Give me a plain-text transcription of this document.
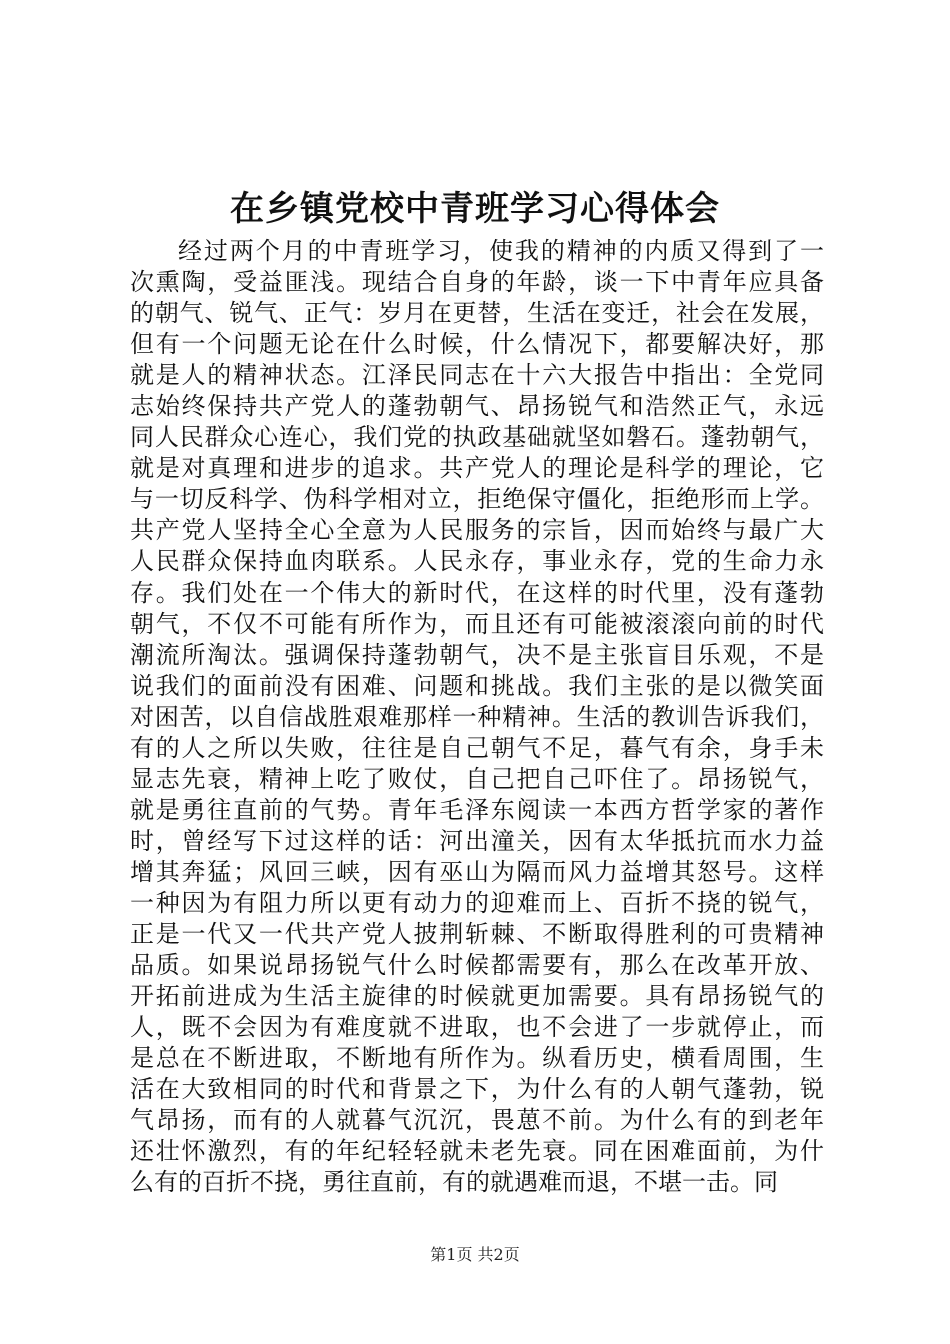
在乡镇党校中青班学习心得体会
经过两个月的中青班学习，使我的精神的内质又得到了一
次熏陶，受益匪浅。现结合自身的年龄，谈一下中青年应具备
的朝气、锐气、正气：岁月在更替，生活在变迁，社会在发展，
但有一个问题无论在什么时候，什么情况下，都要解决好，那
就是人的精神状态。江泽民同志在十六大报告中指出：全党同
志始终保持共产党人的蓬勃朝气、昂扬锐气和浩然正气，永远
同人民群众心连心，我们党的执政基础就坚如磐石。蓬勃朝气，
就是对真理和进步的追求。共产党人的理论是科学的理论，它
与一切反科学、伪科学相对立，拒绝保守僵化，拒绝形而上学。
共产党人坚持全心全意为人民服务的宗旨，因而始终与最广大
人民群众保持血肉联系。人民永存，事业永存，党的生命力永
存。我们处在一个伟大的新时代，在这样的时代里，没有蓬勃
朝气，不仅不可能有所作为，而且还有可能被滚滚向前的时代
潮流所淘汰。强调保持蓬勃朝气，决不是主张盲目乐观，不是
说我们的面前没有困难、问题和挑战。我们主张的是以微笑面
对困苦，以自信战胜艰难那样一种精神。生活的教训告诉我们，
有的人之所以失败，往往是自己朝气不足，暮气有余，身手未
显志先衰，精神上吃了败仗，自己把自己吓住了。昂扬锐气，
就是勇往直前的气势。青年毛泽东阅读一本西方哲学家的著作
时，曾经写下过这样的话：河出潼关，因有太华抵抗而水力益
增其奔猛；风回三峡，因有巫山为隔而风力益增其怒号。这样
一种因为有阻力所以更有动力的迎难而上、百折不挠的锐气，
正是一代又一代共产党人披荆斩棘、不断取得胜利的可贵精神
品质。如果说昂扬锐气什么时候都需要有，那么在改革开放、
开拓前进成为生活主旋律的时候就更加需要。具有昂扬锐气的
人，既不会因为有难度就不进取，也不会进了一步就停止，而
是总在不断进取，不断地有所作为。纵看历史，横看周围，生
活在大致相同的时代和背景之下，为什么有的人朝气蓬勃，锐
气昂扬，而有的人就暮气沉沉，畏葸不前。为什么有的到老年
还壮怀激烈，有的年纪轻轻就未老先衰。同在困难面前，为什
么有的百折不挠，勇往直前，有的就遇难而退，不堪一击。同
第1页 共2页
